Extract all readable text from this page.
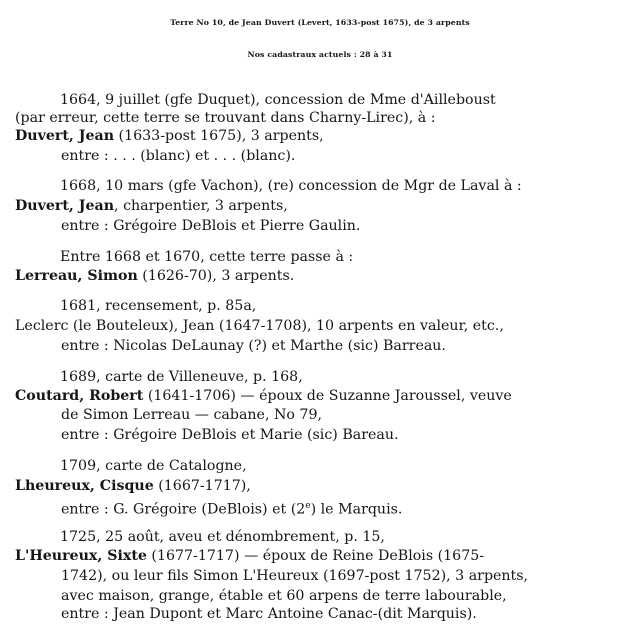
Terre No 10, de Jean Duvert (Levert, 1633-post 1675), de 3 arpents
Nos cadastraux actuels : 28 à 31
1664, 9 juillet (gfe Duquet), concession de Mme d'Ailleboust
(par erreur, cette terre se trouvant dans Charny-Lirec), à :
Duvert, Jean (1633-post 1675), 3 arpents,
entre : . . . (blanc) et . . . (blanc).
1668, 10 mars (gfe Vachon), (re) concession de Mgr de Laval à :
Duvert, Jean, charpentier, 3 arpents,
entre : Grégoire DeBlois et Pierre Gaulin.
Entre 1668 et 1670, cette terre passe à :
Lerreau, Simon (1626-70), 3 arpents.
1681, recensement, p. 85a,
Leclerc (le Bouteleux), Jean (1647-1708), 10 arpents en valeur, etc.,
entre : Nicolas DeLaunay (?) et Marthe (sic) Barreau.
1689, carte de Villeneuve, p. 168,
Coutard, Robert (1641-1706) — époux de Suzanne Jaroussel, veuve
de Simon Lerreau — cabane, No 79,
entre : Grégoire DeBlois et Marie (sic) Bareau.
1709, carte de Catalogne,
Lheureux, Cisque (1667-1717),
entre : G. Grégoire (DeBlois) et (2e) le Marquis.
1725, 25 août, aveu et dénombrement, p. 15,
L'Heureux, Sixte (1677-1717) — époux de Reine DeBlois (1675-
1742), ou leur fils Simon L'Heureux (1697-post 1752), 3 arpents,
avec maison, grange, étable et 60 arpens de terre labourable,
entre : Jean Dupont et Marc Antoine Canac-(dit Marquis).
